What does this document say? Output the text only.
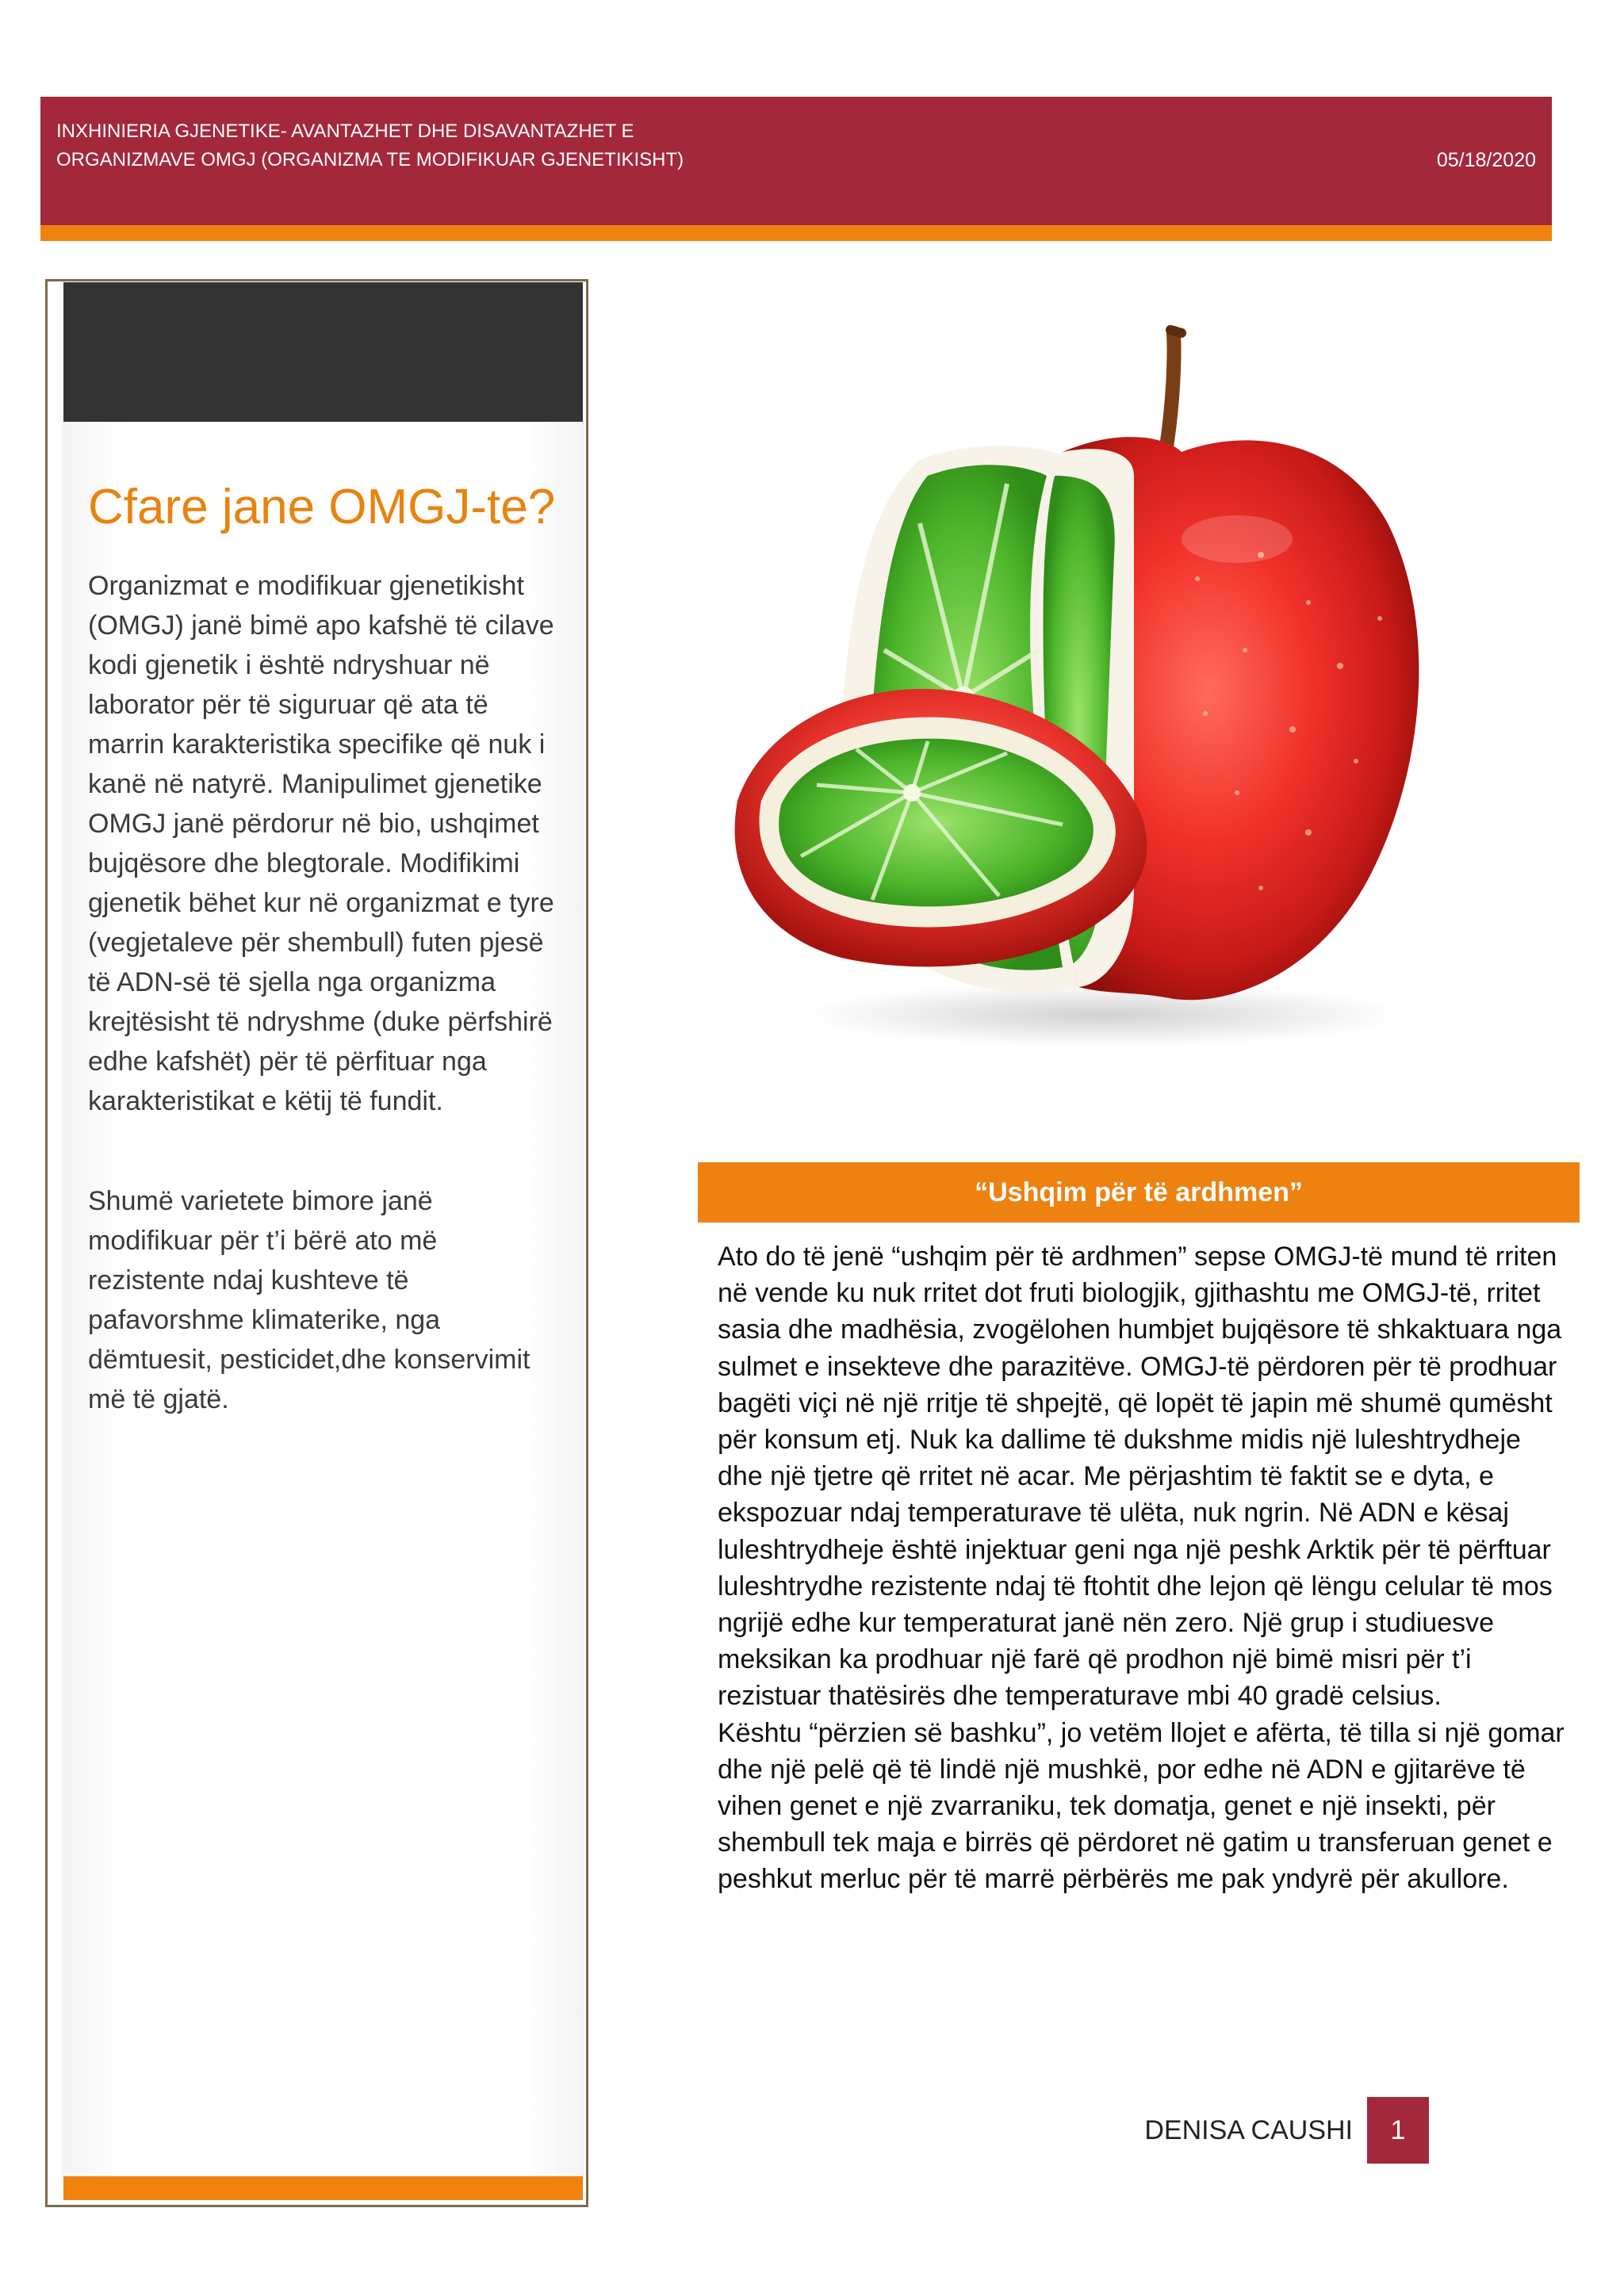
INXHINIERIA GJENETIKE- AVANTAZHET DHE DISAVANTAZHET E ORGANIZMAVE OMGJ (ORGANIZMA TE MODIFIKUAR GJENETIKISHT)	05/18/2020
Cfare jane OMGJ-te?

Organizmat e modifikuar gjenetikisht (OMGJ) janë bimë apo kafshë të cilave kodi gjenetik i është ndryshuar në laborator për të siguruar që ata të marrin karakteristika specifike që nuk i kanë në natyrë. Manipulimet gjenetike OMGJ janë përdorur në bio, ushqimet bujqësore dhe blegtorale. Modifikimi gjenetik bëhet kur në organizmat e tyre (vegjetaleve për shembull) futen pjesë të ADN-së të sjella nga organizma krejtësisht të ndryshme (duke përfshirë edhe kafshët) për të përfituar nga karakteristikat e këtij të fundit.

Shumë varietete bimore janë modifikuar për t’i bërë ato më rezistente ndaj kushteve të pafavorshme klimaterike, nga dëmtuesit, pesticidet,dhe konservimit më të gjatë.

“Ushqim për të ardhmen”

Ato do të jenë “ushqim për të ardhmen” sepse OMGJ-të mund të rriten në vende ku nuk rritet dot fruti biologjik, gjithashtu me OMGJ-të, rritet sasia dhe madhësia, zvogëlohen humbjet bujqësore të shkaktuara nga sulmet e insekteve dhe parazitëve. OMGJ-të përdoren për të prodhuar bagëti viçi në një rritje të shpejtë, që lopët të japin më shumë qumësht për konsum etj. Nuk ka dallime të dukshme midis një luleshtrydheje dhe një tjetre që rritet në acar. Me përjashtim të faktit se e dyta, e ekspozuar ndaj temperaturave të ulëta, nuk ngrin. Në ADN e kësaj luleshtrydheje është injektuar geni nga një peshk Arktik për të përftuar luleshtrydhe rezistente ndaj të ftohtit dhe lejon që lëngu celular të mos ngrijë edhe kur temperaturat janë nën zero. Një grup i studiuesve meksikan ka prodhuar një farë që prodhon një bimë misri për t’i rezistuar thatësirës dhe temperaturave mbi 40 gradë celsius.
Kështu “përzien së bashku”, jo vetëm llojet e afërta, të tilla si një gomar dhe një pelë që të lindë një mushkë, por edhe në ADN e gjitarëve të vihen genet e një zvarraniku, tek domatja, genet e një insekti, për shembull tek maja e birrës që përdoret në gatim u transferuan genet e peshkut merluc për të marrë përbërës me pak yndyrë për akullore.

DENISA CAUSHI	1
